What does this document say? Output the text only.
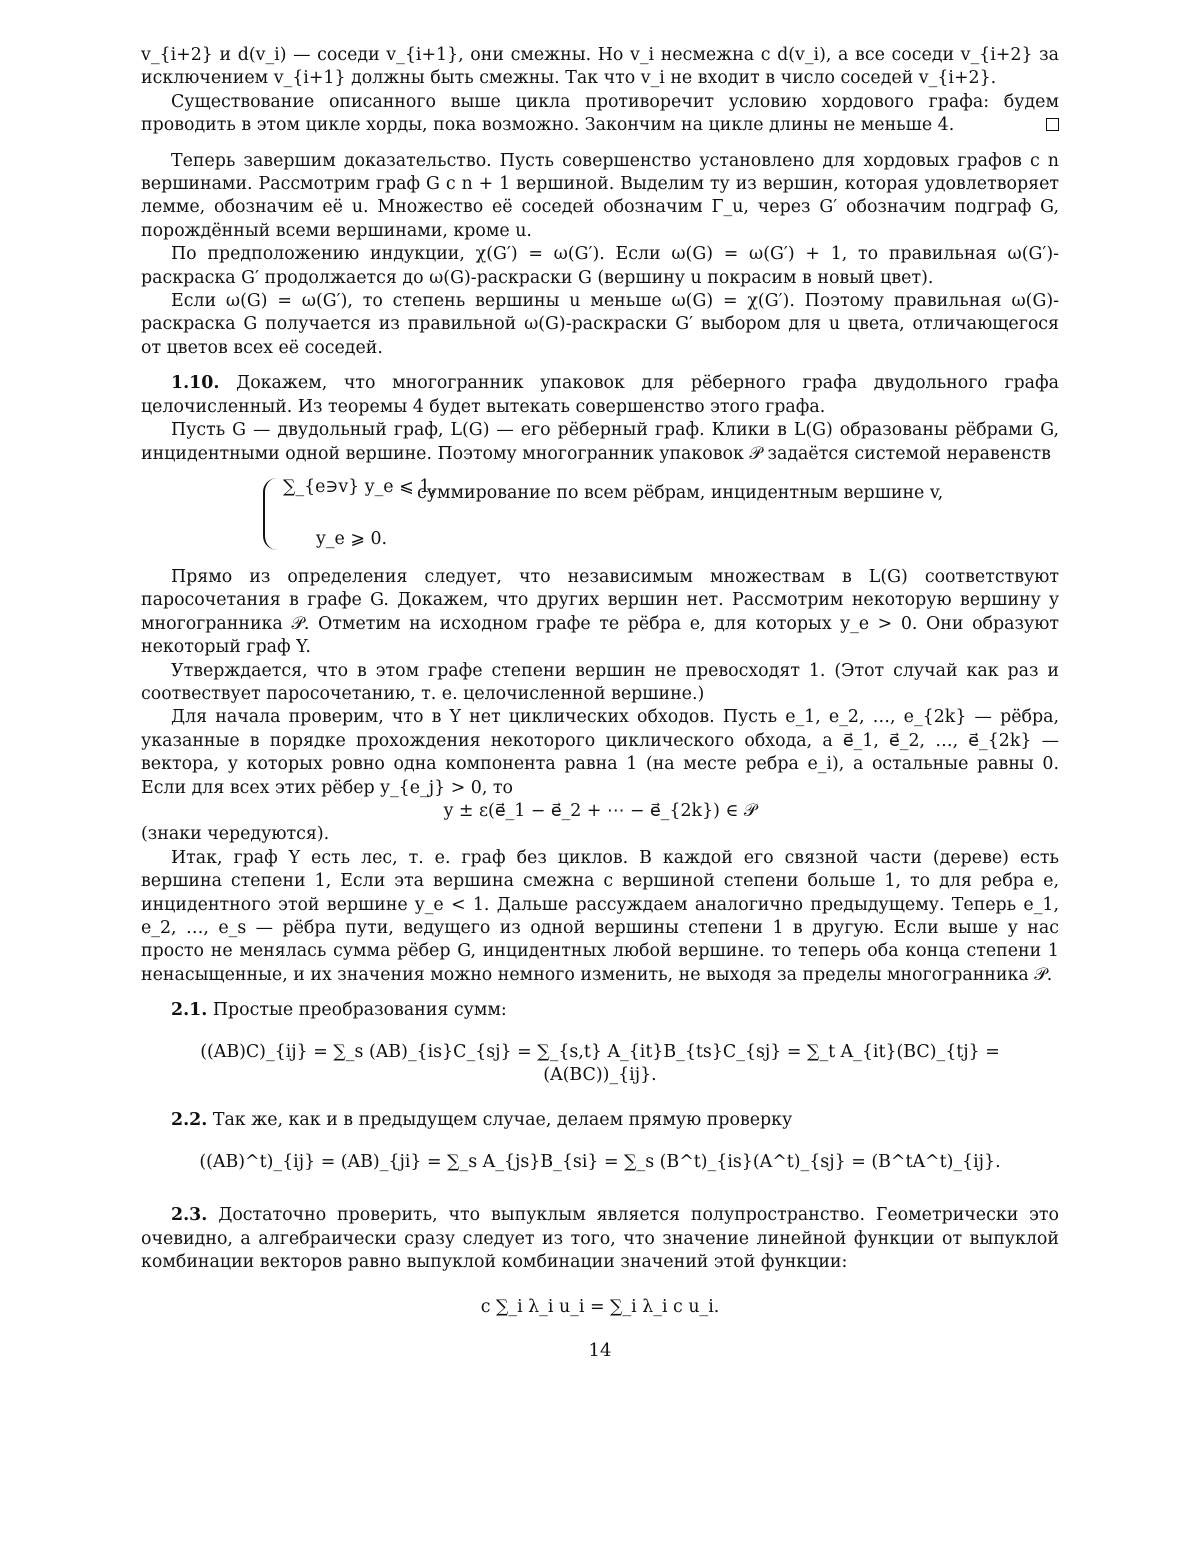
v_{i+2} и d(v_i) — соседи v_{i+1}, они смежны. Но v_i несмежна с d(v_i), а все соседи v_{i+2} за исключением v_{i+1} должны быть смежны. Так что v_i не входит в число соседей v_{i+2}.

Существование описанного выше цикла противоречит условию хордового графа: будем проводить в этом цикле хорды, пока возможно. Закончим на цикле длины не меньше 4.

Теперь завершим доказательство. Пусть совершенство установлено для хордовых графов с n вершинами. Рассмотрим граф G с n + 1 вершиной. Выделим ту из вершин, которая удовлетворяет лемме, обозначим её u. Множество её соседей обозначим Γ_u, через G′ обозначим подграф G, порождённый всеми вершинами, кроме u.

По предположению индукции, χ(G′) = ω(G′). Если ω(G) = ω(G′) + 1, то правильная ω(G′)-раскраска G′ продолжается до ω(G)-раскраски G (вершину u покрасим в новый цвет).

Если ω(G) = ω(G′), то степень вершины u меньше ω(G) = χ(G′). Поэтому правильная ω(G)-раскраска G получается из правильной ω(G)-раскраски G′ выбором для u цвета, отличающегося от цветов всех её соседей.

1.10. Докажем, что многогранник упаковок для рёберного графа двудольного графа целочисленный. Из теоремы 4 будет вытекать совершенство этого графа.

Пусть G — двудольный граф, L(G) — его рёберный граф. Клики в L(G) образованы рёбрами G, инцидентными одной вершине. Поэтому многогранник упаковок 𝒫 задаётся системой неравенств

∑_{e∋v} y_e ⩽ 1,
суммирование по всем рёбрам, инцидентным вершине v,
y_e ⩾ 0.

Прямо из определения следует, что независимым множествам в L(G) соответствуют паросочетания в графе G. Докажем, что других вершин нет. Рассмотрим некоторую вершину y многогранника 𝒫. Отметим на исходном графе те рёбра e, для которых y_e > 0. Они образуют некоторый граф Y.

Утверждается, что в этом графе степени вершин не превосходят 1. (Этот случай как раз и соотвествует паросочетанию, т. е. целочисленной вершине.)

Для начала проверим, что в Y нет циклических обходов. Пусть e_1, e_2, …, e_{2k} — рёбра, указанные в порядке прохождения некоторого циклического обхода, а e⃗_1, e⃗_2, …, e⃗_{2k} — вектора, у которых ровно одна компонента равна 1 (на месте ребра e_i), а остальные равны 0. Если для всех этих рёбер y_{e_j} > 0, то

y ± ε(e⃗_1 − e⃗_2 + ⋯ − e⃗_{2k}) ∈ 𝒫

(знаки чередуются).

Итак, граф Y есть лес, т. е. граф без циклов. В каждой его связной части (дереве) есть вершина степени 1, Если эта вершина смежна с вершиной степени больше 1, то для ребра e, инцидентного этой вершине y_e < 1. Дальше рассуждаем аналогично предыдущему. Теперь e_1, e_2, …, e_s — рёбра пути, ведущего из одной вершины степени 1 в другую. Если выше у нас просто не менялась сумма рёбер G, инцидентных любой вершине. то теперь оба конца степени 1 ненасыщенные, и их значения можно немного изменить, не выходя за пределы многогранника 𝒫.

2.1. Простые преобразования сумм:

((AB)C)_{ij} = ∑_s (AB)_{is}C_{sj} = ∑_{s,t} A_{it}B_{ts}C_{sj} = ∑_t A_{it}(BC)_{tj} = (A(BC))_{ij}.

2.2. Так же, как и в предыдущем случае, делаем прямую проверку

((AB)^t)_{ij} = (AB)_{ji} = ∑_s A_{js}B_{si} = ∑_s (B^t)_{is}(A^t)_{sj} = (B^tA^t)_{ij}.

2.3. Достаточно проверить, что выпуклым является полупространство. Геометрически это очевидно, а алгебраически сразу следует из того, что значение линейной функции от выпуклой комбинации векторов равно выпуклой комбинации значений этой функции:

c ∑_i λ_i u_i = ∑_i λ_i c u_i.

14
